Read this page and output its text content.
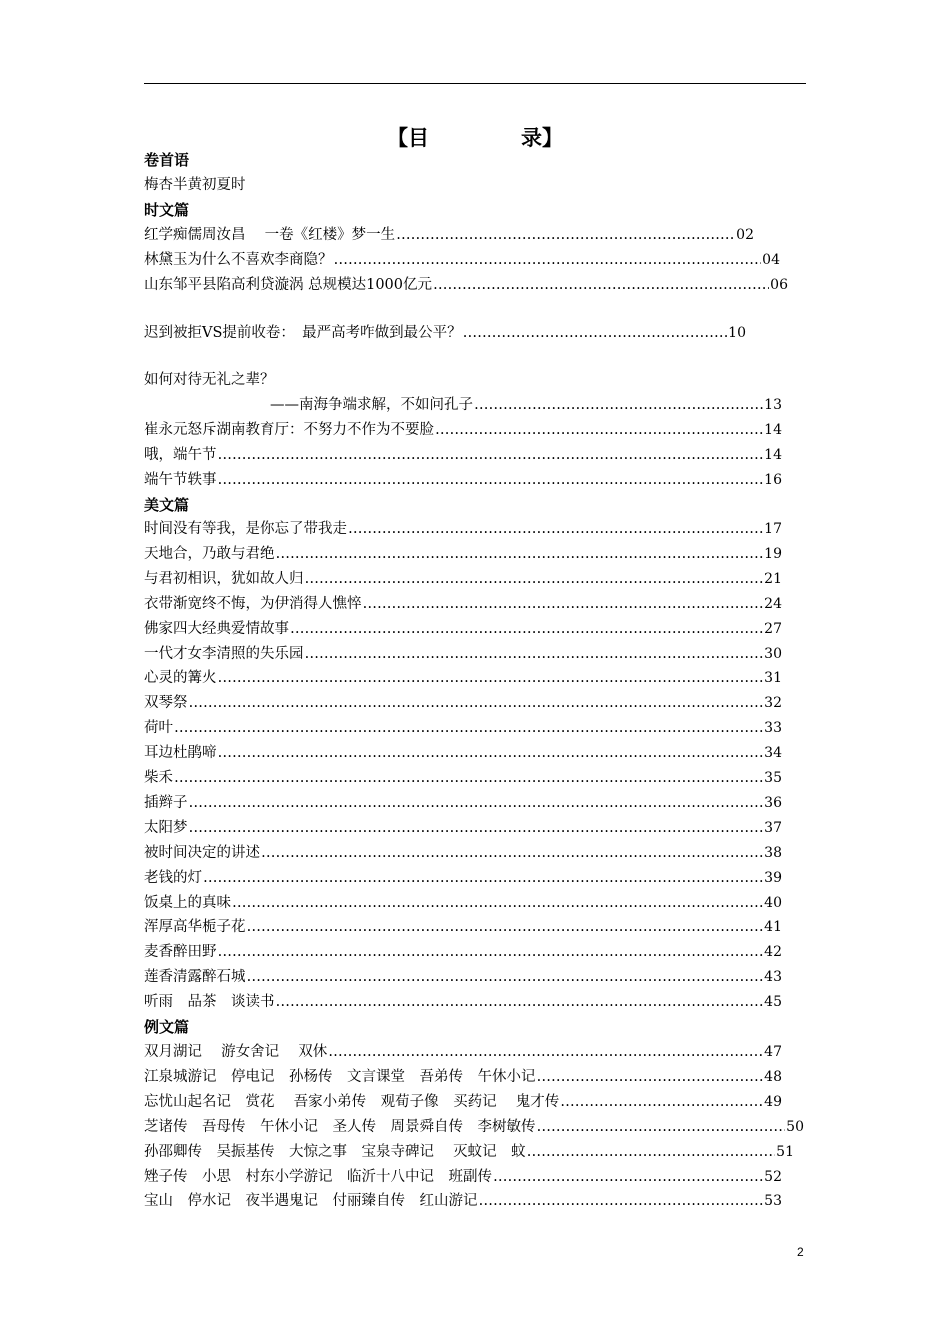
【目	录】
卷首语
梅杏半黄初夏时
时文篇
红学痴儒周汝昌　 一卷《红楼》梦一生 ……………………………………………………………………………………………………………………………………………………………………………	02
林黛玉为什么不喜欢李商隐？ ……………………………………………………………………………………………………………………………………………………………………………	04
山东邹平县陷高利贷漩涡 总规模达1000亿元 ……………………………………………………………………………………………………………………………………………………………………………	06
迟到被拒VS提前收卷：　最严高考咋做到最公平？ ……………………………………………………………………………………………………………………………………………………………………………	10
如何对待无礼之辈？
——南海争端求解，不如问孔子 ……………………………………………………………………………………………………………………………………………………………………………	13
崔永元怒斥湖南教育厅：不努力不作为不要脸 ……………………………………………………………………………………………………………………………………………………………………………	14
哦，端午节 ……………………………………………………………………………………………………………………………………………………………………………	14
端午节轶事 ……………………………………………………………………………………………………………………………………………………………………………	16
美文篇
时间没有等我，是你忘了带我走 ……………………………………………………………………………………………………………………………………………………………………………	17
天地合，乃敢与君绝 ……………………………………………………………………………………………………………………………………………………………………………	19
与君初相识，犹如故人归 ……………………………………………………………………………………………………………………………………………………………………………	21
衣带渐宽终不悔，为伊消得人憔悴 ……………………………………………………………………………………………………………………………………………………………………………	24
佛家四大经典爱情故事 ……………………………………………………………………………………………………………………………………………………………………………	27
一代才女李清照的失乐园 ……………………………………………………………………………………………………………………………………………………………………………	30
心灵的篝火 ……………………………………………………………………………………………………………………………………………………………………………	31
双琴祭 ……………………………………………………………………………………………………………………………………………………………………………	32
荷叶 ……………………………………………………………………………………………………………………………………………………………………………	33
耳边杜鹃啼 ……………………………………………………………………………………………………………………………………………………………………………	34
柴禾 ……………………………………………………………………………………………………………………………………………………………………………	35
插辫子 ……………………………………………………………………………………………………………………………………………………………………………	36
太阳梦 ……………………………………………………………………………………………………………………………………………………………………………	37
被时间决定的讲述 ……………………………………………………………………………………………………………………………………………………………………………	38
老钱的灯 ……………………………………………………………………………………………………………………………………………………………………………	39
饭桌上的真味 ……………………………………………………………………………………………………………………………………………………………………………	40
浑厚高华栀子花 ……………………………………………………………………………………………………………………………………………………………………………	41
麦香醉田野 ……………………………………………………………………………………………………………………………………………………………………………	42
莲香清露醉石城 ……………………………………………………………………………………………………………………………………………………………………………	43
听雨　品茶　谈读书 ……………………………………………………………………………………………………………………………………………………………………………	45
例文篇
双月湖记　 游女舍记　 双休 ……………………………………………………………………………………………………………………………………………………………………………	47
江泉城游记　停电记　孙杨传　文言课堂　吾弟传　午休小记 ……………………………………………………………………………………………………………………………………………………………………………	48
忘忧山起名记　赏花　 吾家小弟传　观荀子像　买药记　 鬼才传 ……………………………………………………………………………………………………………………………………………………………………………	49
芝诸传　吾母传　午休小记　圣人传　周景舜自传　李树敏传 ……………………………………………………………………………………………………………………………………………………………………………	50
孙邵卿传　吴振基传　大惊之事　宝泉寺碑记　 灭蚊记　蚊 ……………………………………………………………………………………………………………………………………………………………………………	51
矬子传　小思　村东小学游记　临沂十八中记　班副传 ……………………………………………………………………………………………………………………………………………………………………………	52
宝山　停水记　夜半遇鬼记　付丽臻自传　红山游记 ……………………………………………………………………………………………………………………………………………………………………………	53
2
